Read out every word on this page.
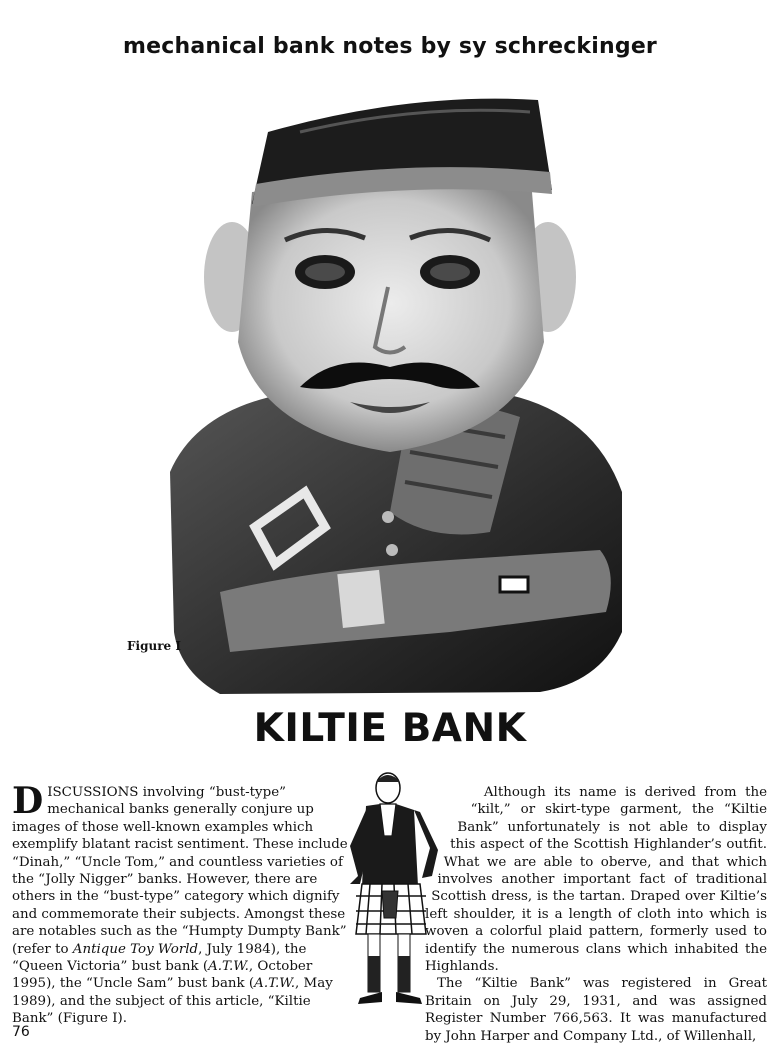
mechanical bank notes by sy schreckinger
Figure I
KILTIE BANK

DISCUSSIONS involving “bust-type” mechanical banks generally conjure up images of those well-known examples which exemplify blatant racist sentiment. These include “Dinah,” “Uncle Tom,” and countless varieties of the “Jolly Nigger” banks. However, there are others in the “bust-type” category which dignify and commemorate their subjects. Amongst these are notables such as the “Humpty Dumpty Bank” (refer to Antique Toy World, July 1984), the “Queen Victoria” bust bank (A.T.W., October 1995), the “Uncle Sam” bust bank (A.T.W., May 1989), and the subject of this article, “Kiltie Bank” (Figure I).

Although its name is derived from the “kilt,” or skirt-type garment, the “Kiltie Bank” unfortunately is not able to display this aspect of the Scottish Highlander’s outfit. What we are able to oberve, and that which involves another important fact of traditional Scottish dress, is the tartan. Draped over Kiltie’s left shoulder, it is a length of cloth into which is woven a colorful plaid pattern, formerly used to identify the numerous clans which inhabited the Highlands.

The “Kiltie Bank” was registered in Great Britain on July 29, 1931, and was assigned Register Number 766,563. It was manufactured by John Harper and Company Ltd., of Willenhall,

76
